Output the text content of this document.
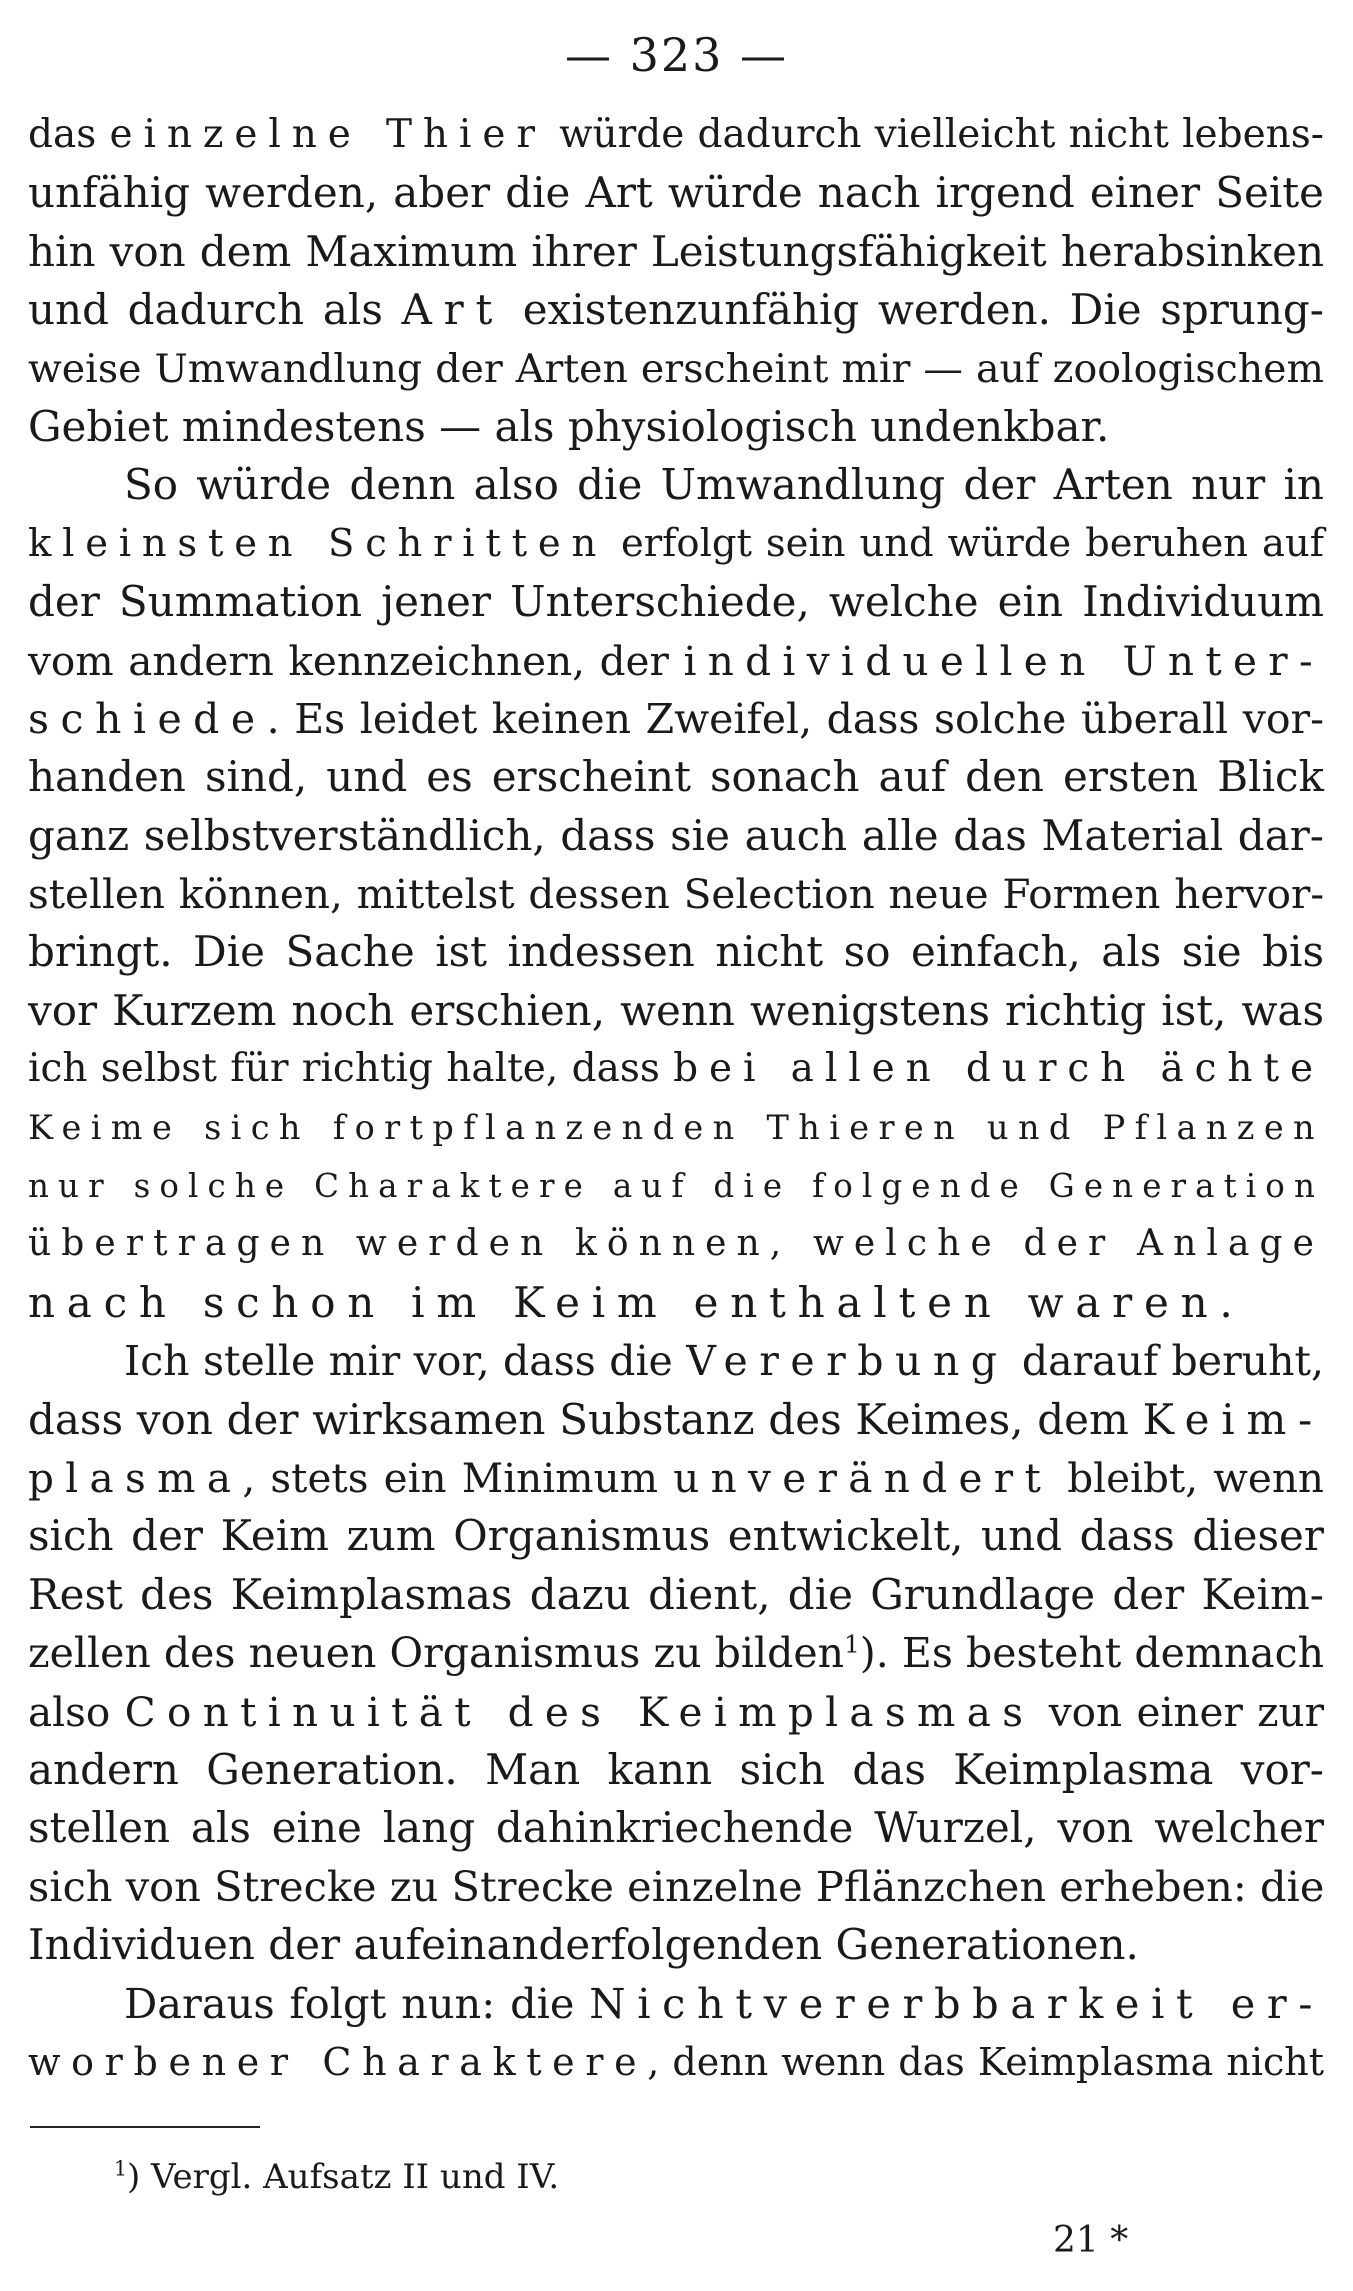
— 323 —
das einzelne Thier würde dadurch vielleicht nicht lebens-
unfähig werden, aber die Art würde nach irgend einer Seite
hin von dem Maximum ihrer Leistungsfähigkeit herabsinken
und dadurch als Art existenzunfähig werden. Die sprung-
weise Umwandlung der Arten erscheint mir — auf zoologischem
Gebiet mindestens — als physiologisch undenkbar.
So würde denn also die Umwandlung der Arten nur in
kleinsten Schritten erfolgt sein und würde beruhen auf
der Summation jener Unterschiede, welche ein Individuum
vom andern kennzeichnen, der individuellen Unter-
schiede. Es leidet keinen Zweifel, dass solche überall vor-
handen sind, und es erscheint sonach auf den ersten Blick
ganz selbstverständlich, dass sie auch alle das Material dar-
stellen können, mittelst dessen Selection neue Formen hervor-
bringt. Die Sache ist indessen nicht so einfach, als sie bis
vor Kurzem noch erschien, wenn wenigstens richtig ist, was
ich selbst für richtig halte, dass bei allen durch ächte
Keime sich fortpflanzenden Thieren und Pflanzen
nur solche Charaktere auf die folgende Generation
übertragen werden können, welche der Anlage
nach schon im Keim enthalten waren.
Ich stelle mir vor, dass die Vererbung darauf beruht,
dass von der wirksamen Substanz des Keimes, dem Keim-
plasma, stets ein Minimum unverändert bleibt, wenn
sich der Keim zum Organismus entwickelt, und dass dieser
Rest des Keimplasmas dazu dient, die Grundlage der Keim-
zellen des neuen Organismus zu bilden$^1$). Es besteht demnach
also Continuität des Keimplasmas von einer zur
andern Generation. Man kann sich das Keimplasma vor-
stellen als eine lang dahinkriechende Wurzel, von welcher
sich von Strecke zu Strecke einzelne Pflänzchen erheben: die
Individuen der aufeinanderfolgenden Generationen.
Daraus folgt nun: die Nichtvererbbarkeit er-
worbener Charaktere, denn wenn das Keimplasma nicht
$^1$) Vergl. Aufsatz II und IV.
21 *
